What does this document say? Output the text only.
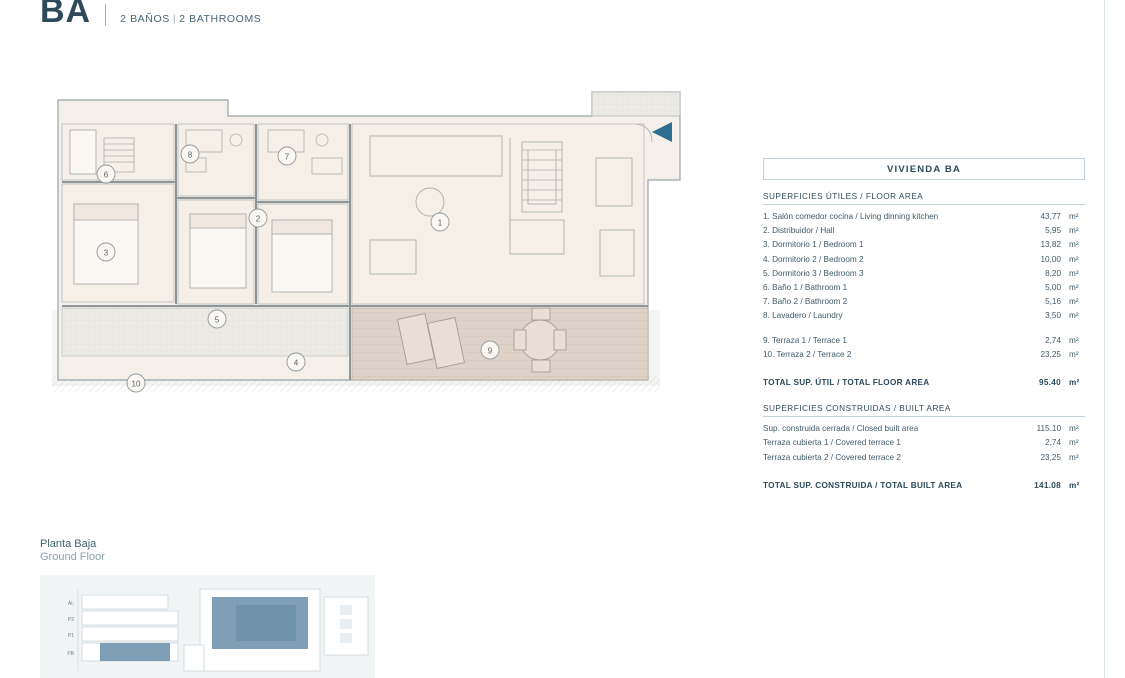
BA	2 BAÑOS | 2 BATHROOMS
1
2
3
4
5
6
7
8
9
10
VIVIENDA BA
SUPERFICIES ÚTILES / FLOOR AREA
1. Salón comedor cocina / Living dinning kitchen	43,77 m²
2. Distribuidor / Hall	5,95 m²
3. Dormitorio 1 / Bedroom 1	13,82 m²
4. Dormitorio 2 / Bedroom 2	10,00 m²
5. Dormitorio 3 / Bedroom 3	8,20 m²
6. Baño 1 / Bathroom 1	5,00 m²
7. Baño 2 / Bathroom 2	5,16 m²
8. Lavadero / Laundry	3,50 m²
9. Terraza 1 / Terrace 1	2,74 m²
10. Terraza 2 / Terrace 2	23,25 m²
TOTAL SUP. ÚTIL / TOTAL FLOOR AREA	95.40 m²
SUPERFICIES CONSTRUIDAS / BUILT AREA
Sup. construida cerrada / Closed built area	115.10 m²
Terraza cubierta 1 / Covered terrace 1	2,74 m²
Terraza cubierta 2 / Covered terrace 2	23,25 m²
TOTAL SUP. CONSTRUIDA / TOTAL BUILT AREA	141.08 m²
Planta Baja
Ground Floor
Át.
P2
P1
PB
